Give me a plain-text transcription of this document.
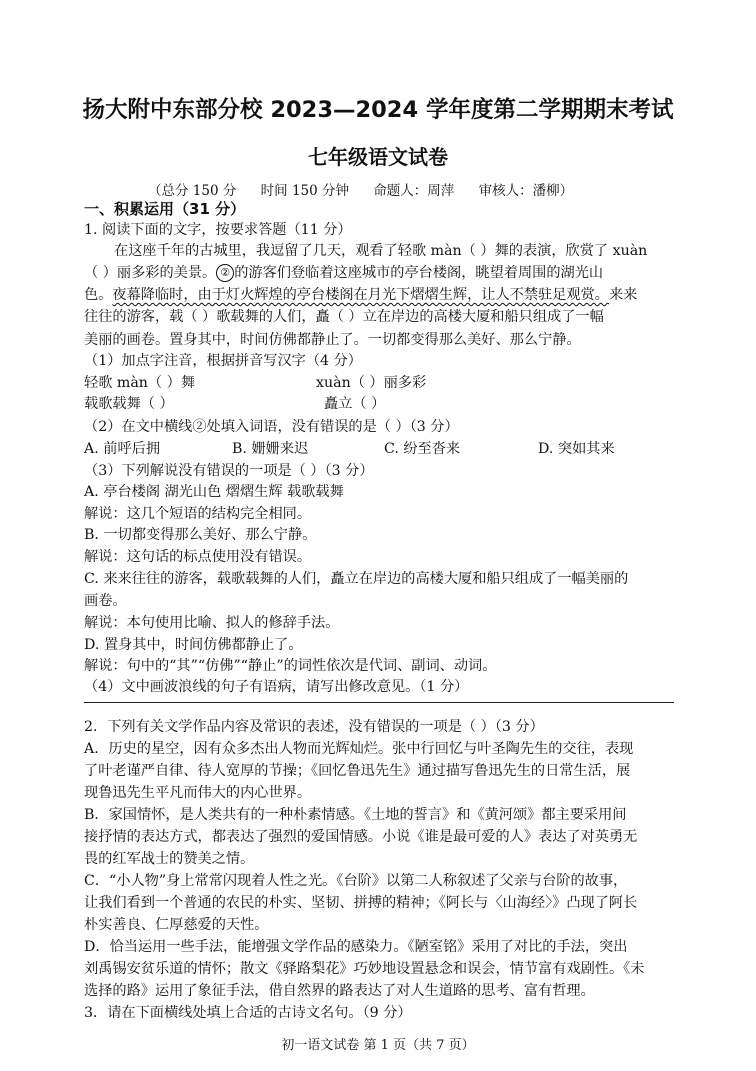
扬大附中东部分校 2023—2024 学年度第二学期期末考试
七年级语文试卷
（总分 150 分 时间 150 分钟 命题人：周萍 审核人：潘柳）
一、积累运用（31 分）
1. 阅读下面的文字，按要求答题（11 分）
在这座千年的古城里，我逗留了几天，观看了轻歌 màn（ ）舞的表演，欣赏了 xuàn
（ ）丽多彩的美景。 ② 的游客们登临着这座城市的亭台楼阁，眺望着周围的湖光山
色。夜幕降临时，由于灯火辉煌的亭台楼阁在月光下熠熠生辉，让人不禁驻足观赏。来来
往往的游客，载（ ）歌载舞的人们，矗（ ）立在岸边的高楼大厦和船只组成了一幅
美丽的画卷。置身其中，时间仿佛都静止了。一切都变得那么美好、那么宁静。
（1）加点字注音，根据拼音写汉字（4 分）
轻歌 màn（ ）舞	xuàn（ ）丽多彩
载歌载舞（ ）	矗立（ ）
（2）在文中横线②处填入词语，没有错误的是（ ）（3 分）
A. 前呼后拥	B. 姗姗来迟	C. 纷至沓来	D. 突如其来
（3）下列解说没有错误的一项是（ ）（3 分）
A. 亭台楼阁 湖光山色 熠熠生辉 载歌载舞
解说：这几个短语的结构完全相同。
B. 一切都变得那么美好、那么宁静。
解说：这句话的标点使用没有错误。
C. 来来往往的游客，载歌载舞的人们，矗立在岸边的高楼大厦和船只组成了一幅美丽的
画卷。
解说：本句使用比喻、拟人的修辞手法。
D. 置身其中，时间仿佛都静止了。
解说：句中的“其”“仿佛”“静止”的词性依次是代词、副词、动词。
（4）文中画波浪线的句子有语病，请写出修改意见。（1 分）
2．下列有关文学作品内容及常识的表述，没有错误的一项是（ ）（3 分）
A．历史的星空，因有众多杰出人物而光辉灿烂。张中行回忆与叶圣陶先生的交往，表现
了叶老谨严自律、待人宽厚的节操；《回忆鲁迅先生》通过描写鲁迅先生的日常生活，展
现鲁迅先生平凡而伟大的内心世界。
B．家国情怀，是人类共有的一种朴素情感。《土地的誓言》和《黄河颂》都主要采用间
接抒情的表达方式，都表达了强烈的爱国情感。小说《谁是最可爱的人》表达了对英勇无
畏的红军战士的赞美之情。
C．“小人物”身上常常闪现着人性之光。《台阶》以第二人称叙述了父亲与台阶的故事，
让我们看到一个普通的农民的朴实、坚韧、拼搏的精神；《阿长与〈山海经〉》凸现了阿长
朴实善良、仁厚慈爱的天性。
D．恰当运用一些手法，能增强文学作品的感染力。《陋室铭》采用了对比的手法，突出
刘禹锡安贫乐道的情怀；散文《驿路梨花》巧妙地设置悬念和误会，情节富有戏剧性。《未
选择的路》运用了象征手法，借自然界的路表达了对人生道路的思考、富有哲理。
3．请在下面横线处填上合适的古诗文名句。（9 分）
初一语文试卷 第 1 页（共 7 页）
